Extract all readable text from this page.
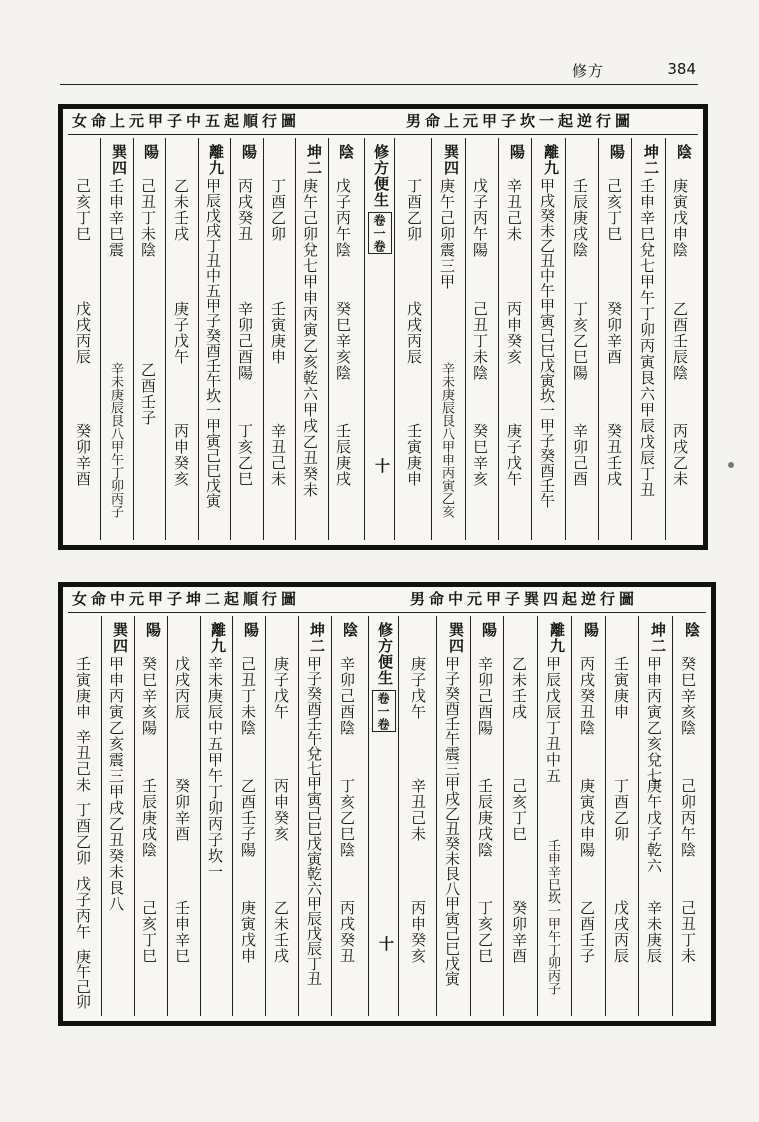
修方	384
男命上元甲子坎一起逆行圖
女命上元甲子中五起順行圖
修方便生
卷一卷
十
陰
庚寅戊申陰
乙酉壬辰陰
丙戌乙未
坤二
壬申辛巳兌七甲午丁卯丙寅艮六甲辰戊辰丁丑
陽
己亥丁巳
癸卯辛酉
癸丑壬戌
壬辰庚戌陰
丁亥乙巳陽
辛卯己酉
離九
甲戌癸未乙丑中午甲寅己巳戊寅坎一甲子癸酉壬午
陽
辛丑己未
丙申癸亥
庚子戊午
戊子丙午陽
己丑丁未陰
癸巳辛亥
巽四
庚午己卯震三甲
辛未庚辰艮八甲申丙寅乙亥
丁酉乙卯
戊戌丙辰
壬寅庚申
陰
戊子丙午陰
癸巳辛亥陰
壬辰庚戌
坤二
庚午己卯兌七甲申丙寅乙亥乾六甲戌乙丑癸未
丁酉乙卯
壬寅庚申
辛丑己未
陽
丙戌癸丑
辛卯己酉陽
丁亥乙巳
離九
甲辰戊戌丁丑中五甲子癸酉壬午坎一甲寅己巳戊寅
乙未壬戌
庚子戊午
丙申癸亥
陽
己丑丁未陰
乙酉壬子
巽四
壬申辛巳震
辛未庚辰艮八甲午丁卯丙子
己亥丁巳
戊戌丙辰
癸卯辛酉
男命中元甲子巽四起逆行圖
女命中元甲子坤二起順行圖
修方便生
卷一卷
十
陰
癸巳辛亥陰
己卯丙午陰
己丑丁未
坤二
甲申丙寅乙亥兌七
庚午戊子乾六
辛未庚辰
壬寅庚申
丁酉乙卯
戊戌丙辰
陽
丙戌癸丑陰
庚寅戊申陽
乙酉壬子
離九
甲辰戊辰丁丑中五
壬申辛巳坎一甲午丁卯丙子
乙未壬戌
己亥丁巳
癸卯辛酉
陽
辛卯己酉陽
壬辰庚戌陰
丁亥乙巳
巽四
甲子癸酉壬午震三甲戌乙丑癸未艮八甲寅己巳戊寅
庚子戊午
辛丑己未
丙申癸亥
陰
辛卯己酉陰
丁亥乙巳陰
丙戌癸丑
坤二
甲子癸酉壬午兌七甲寅己巳戊寅乾六甲辰戊辰丁丑
庚子戊午
丙申癸亥
乙未壬戌
陽
己丑丁未陰
乙酉壬子陽
庚寅戊申
離九
辛未庚辰中五甲午丁卯丙子坎一
戊戌丙辰
癸卯辛酉
壬申辛巳
陽
癸巳辛亥陽
壬辰庚戌陰
己亥丁巳
巽四
甲申丙寅乙亥震三甲戌乙丑癸未艮八
壬寅庚申
辛丑己未
丁酉乙卯
戊子丙午
庚午己卯
